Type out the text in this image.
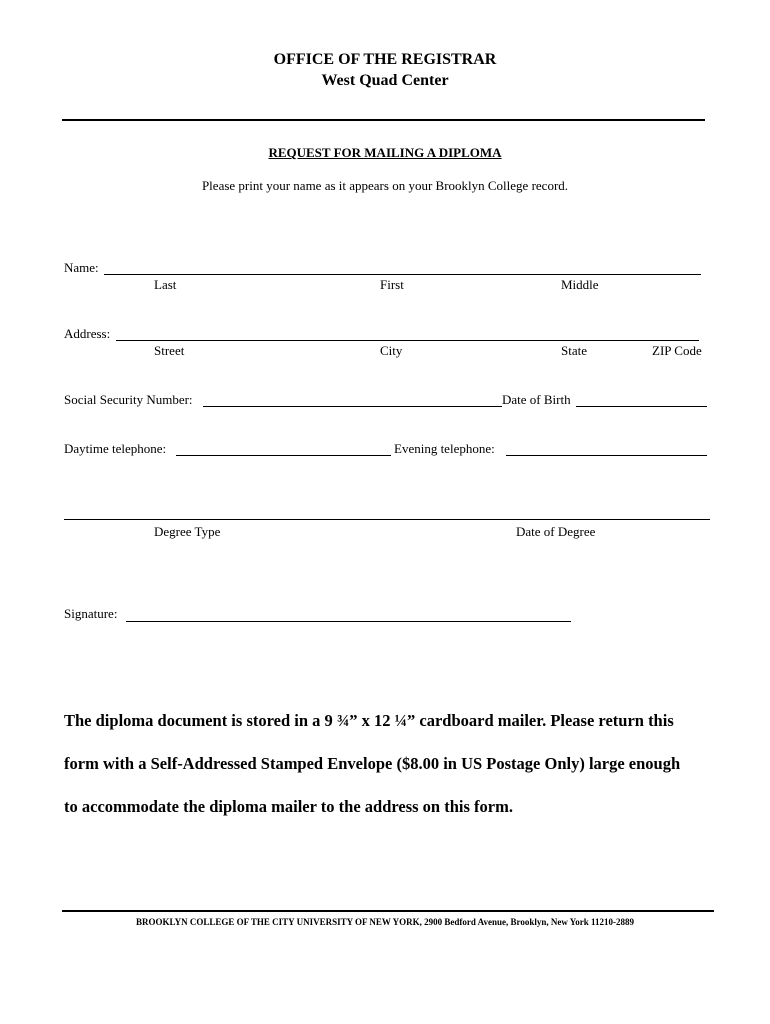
OFFICE OF THE REGISTRAR
West Quad Center
REQUEST FOR MAILING A DIPLOMA
Please print your name as it appears on your Brooklyn College record.
Name:
Last	First	Middle
Address:
Street	City	State	ZIP Code
Social Security Number:	Date of Birth
Daytime telephone:	Evening telephone:
Degree Type	Date of Degree
Signature:
The diploma document is stored in a 9 ¾” x 12 ¼” cardboard mailer. Please return this
form with a Self-Addressed Stamped Envelope ($8.00 in US Postage Only) large enough
to accommodate the diploma mailer to the address on this form.
BROOKLYN COLLEGE OF THE CITY UNIVERSITY OF NEW YORK, 2900 Bedford Avenue, Brooklyn, New York 11210-2889
